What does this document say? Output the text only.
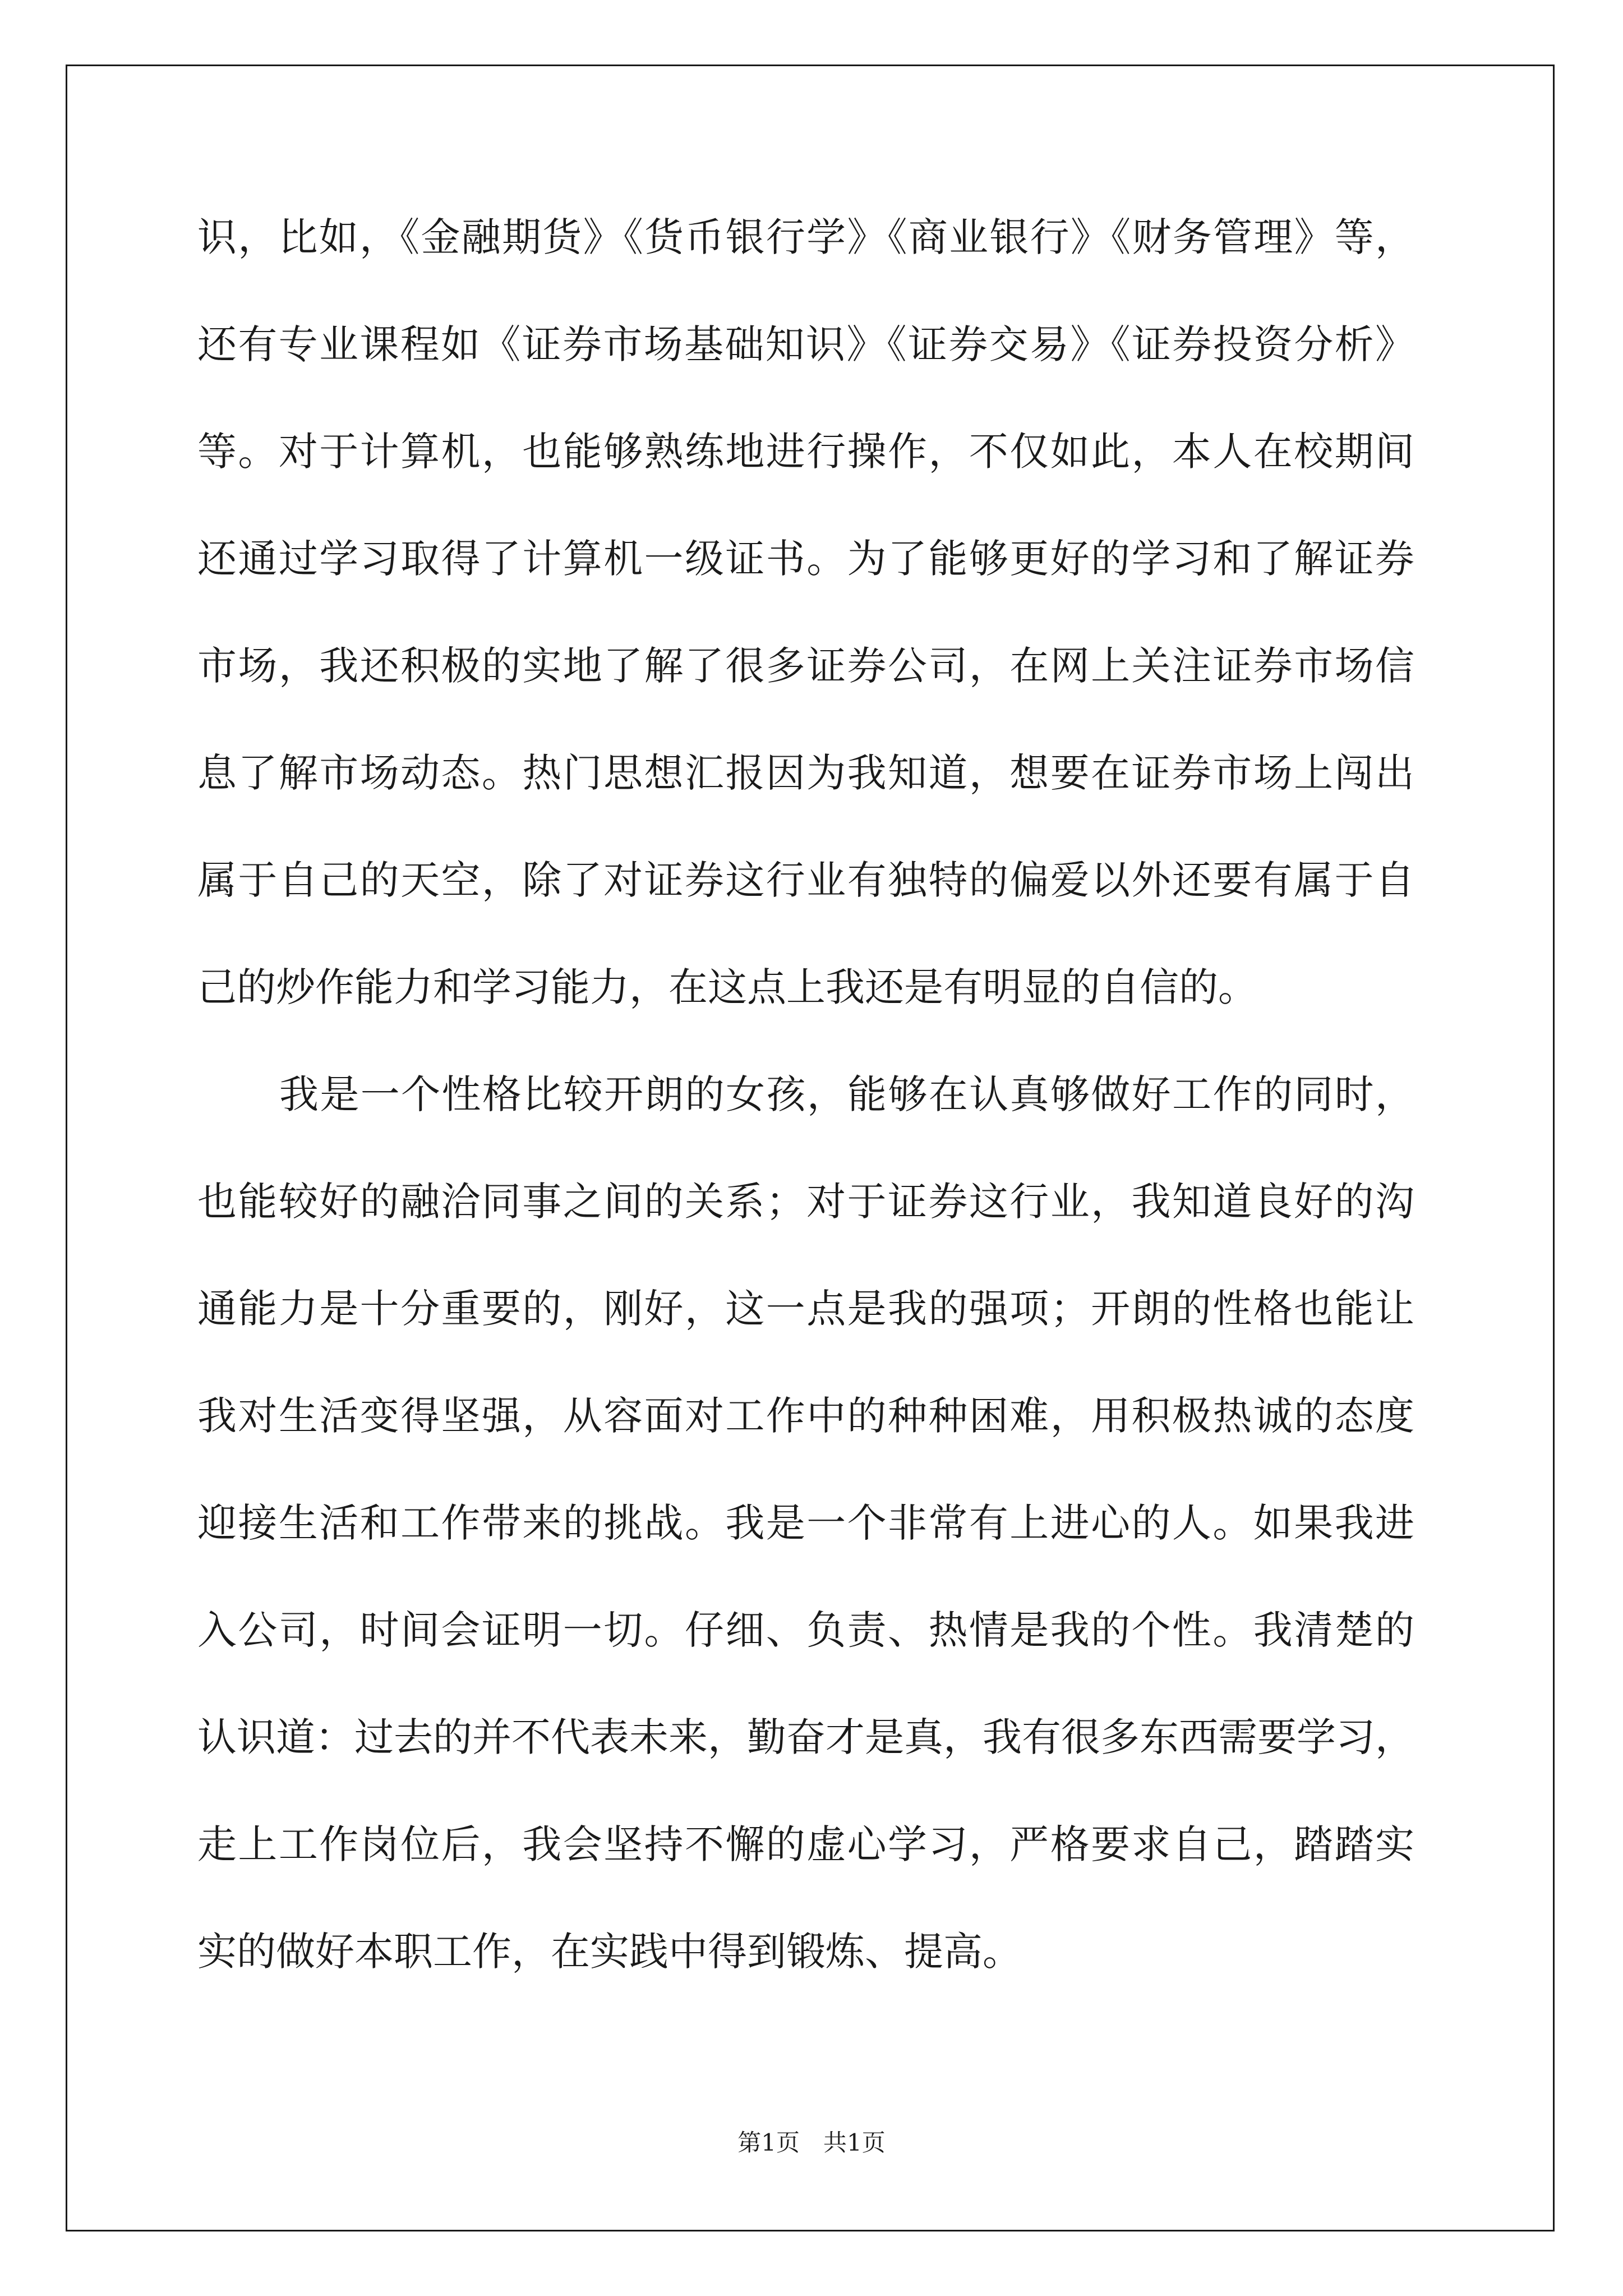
识，比如，《金融期货》《货币银行学》《商业银行》《财务管理》等，
还有专业课程如《证券市场基础知识》《证券交易》《证券投资分析》
等。对于计算机，也能够熟练地进行操作，不仅如此，本人在校期间
还通过学习取得了计算机一级证书。为了能够更好的学习和了解证券
市场，我还积极的实地了解了很多证券公司，在网上关注证券市场信
息了解市场动态。热门思想汇报因为我知道，想要在证券市场上闯出
属于自己的天空，除了对证券这行业有独特的偏爱以外还要有属于自
己的炒作能力和学习能力，在这点上我还是有明显的自信的。
我是一个性格比较开朗的女孩，能够在认真够做好工作的同时，
也能较好的融洽同事之间的关系；对于证券这行业，我知道良好的沟
通能力是十分重要的，刚好，这一点是我的强项；开朗的性格也能让
我对生活变得坚强，从容面对工作中的种种困难，用积极热诚的态度
迎接生活和工作带来的挑战。我是一个非常有上进心的人。如果我进
入公司，时间会证明一切。仔细、负责、热情是我的个性。我清楚的
认识道：过去的并不代表未来，勤奋才是真，我有很多东西需要学习，
走上工作岗位后，我会坚持不懈的虚心学习，严格要求自己，踏踏实
实的做好本职工作，在实践中得到锻炼、提高。
第1页 共1页
